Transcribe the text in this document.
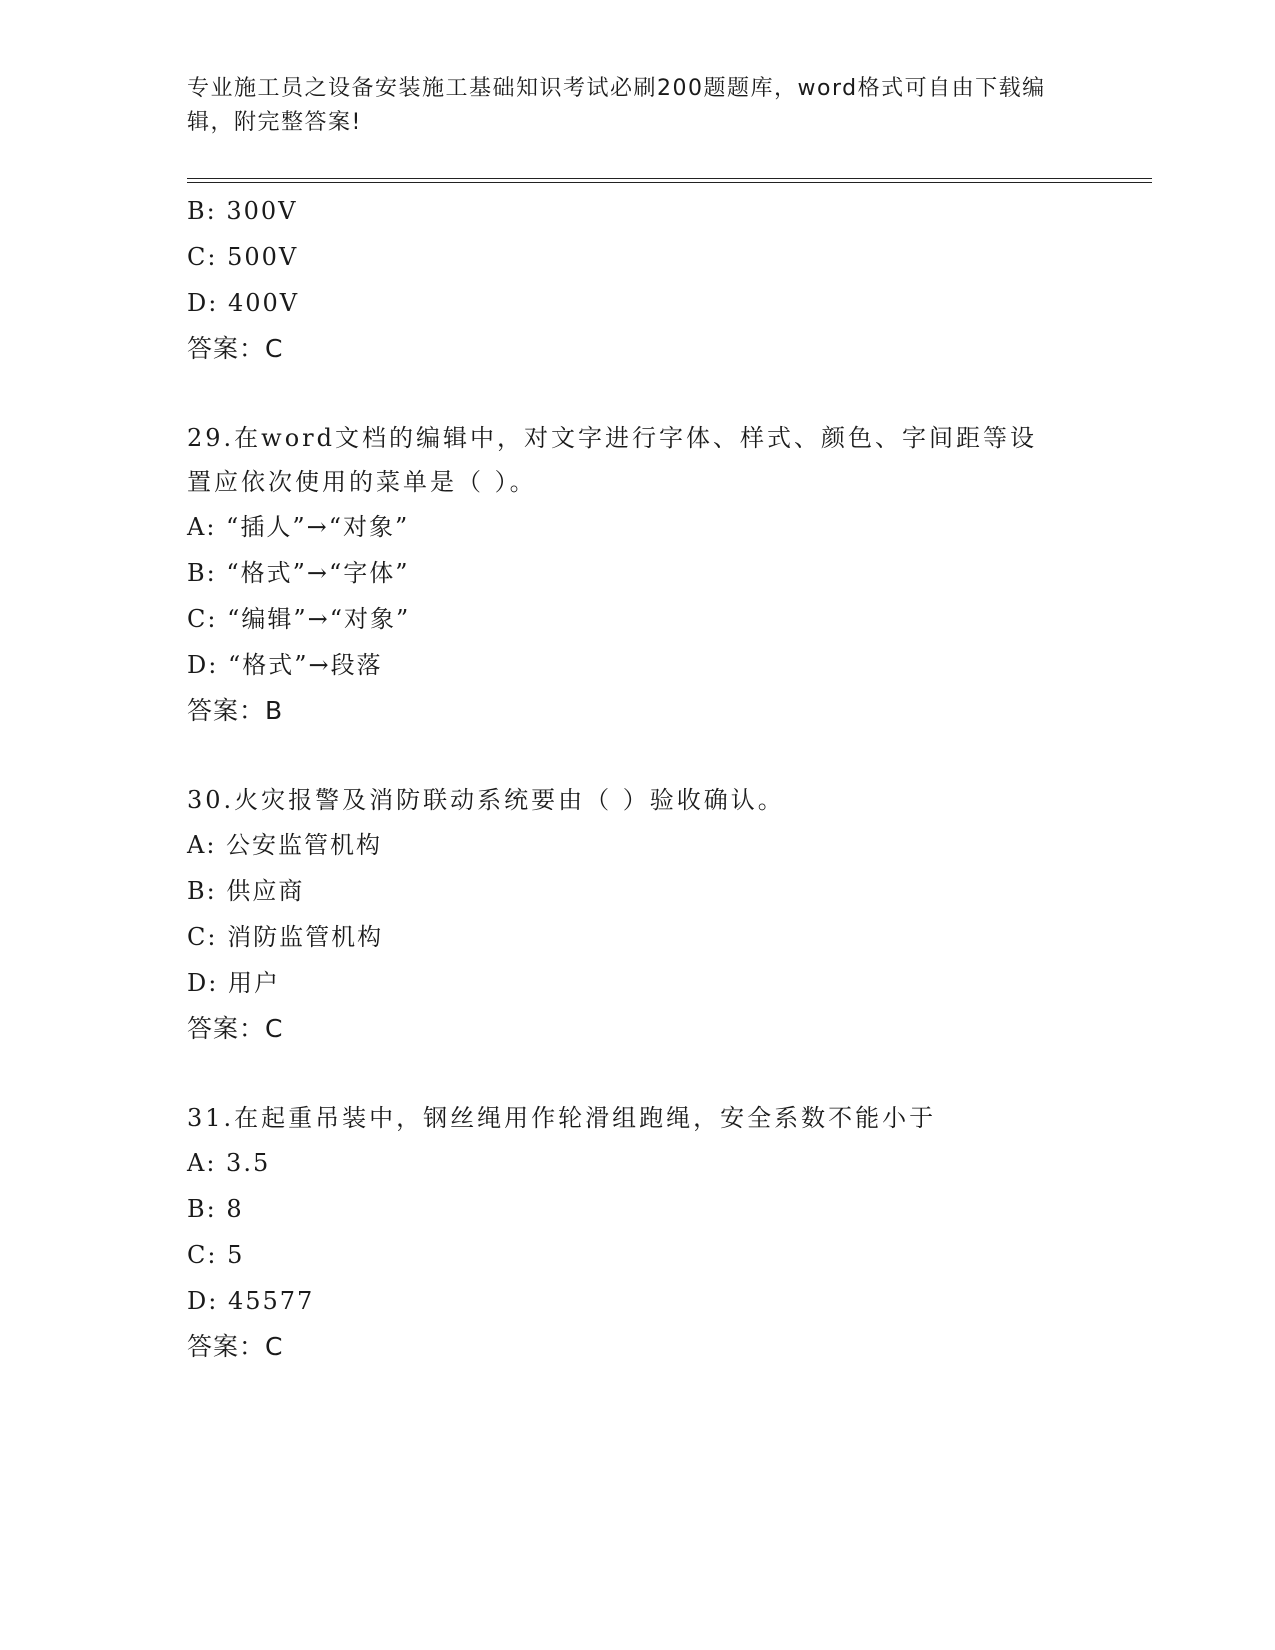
专业施工员之设备安装施工基础知识考试必刷200题题库，word格式可自由下载编辑，附完整答案!
B: 300V
C: 500V
D: 400V
答案：C
29.在word文档的编辑中，对文字进行字体、样式、颜色、字间距等设置应依次使用的菜单是（ ）。
A: “插人”→“对象”
B: “格式”→“字体”
C: “编辑”→“对象”
D: “格式”→段落
答案：B
30.火灾报警及消防联动系统要由（ ）验收确认。
A: 公安监管机构
B: 供应商
C: 消防监管机构
D: 用户
答案：C
31.在起重吊装中，钢丝绳用作轮滑组跑绳，安全系数不能小于
A: 3.5
B: 8
C: 5
D: 45577
答案：C
